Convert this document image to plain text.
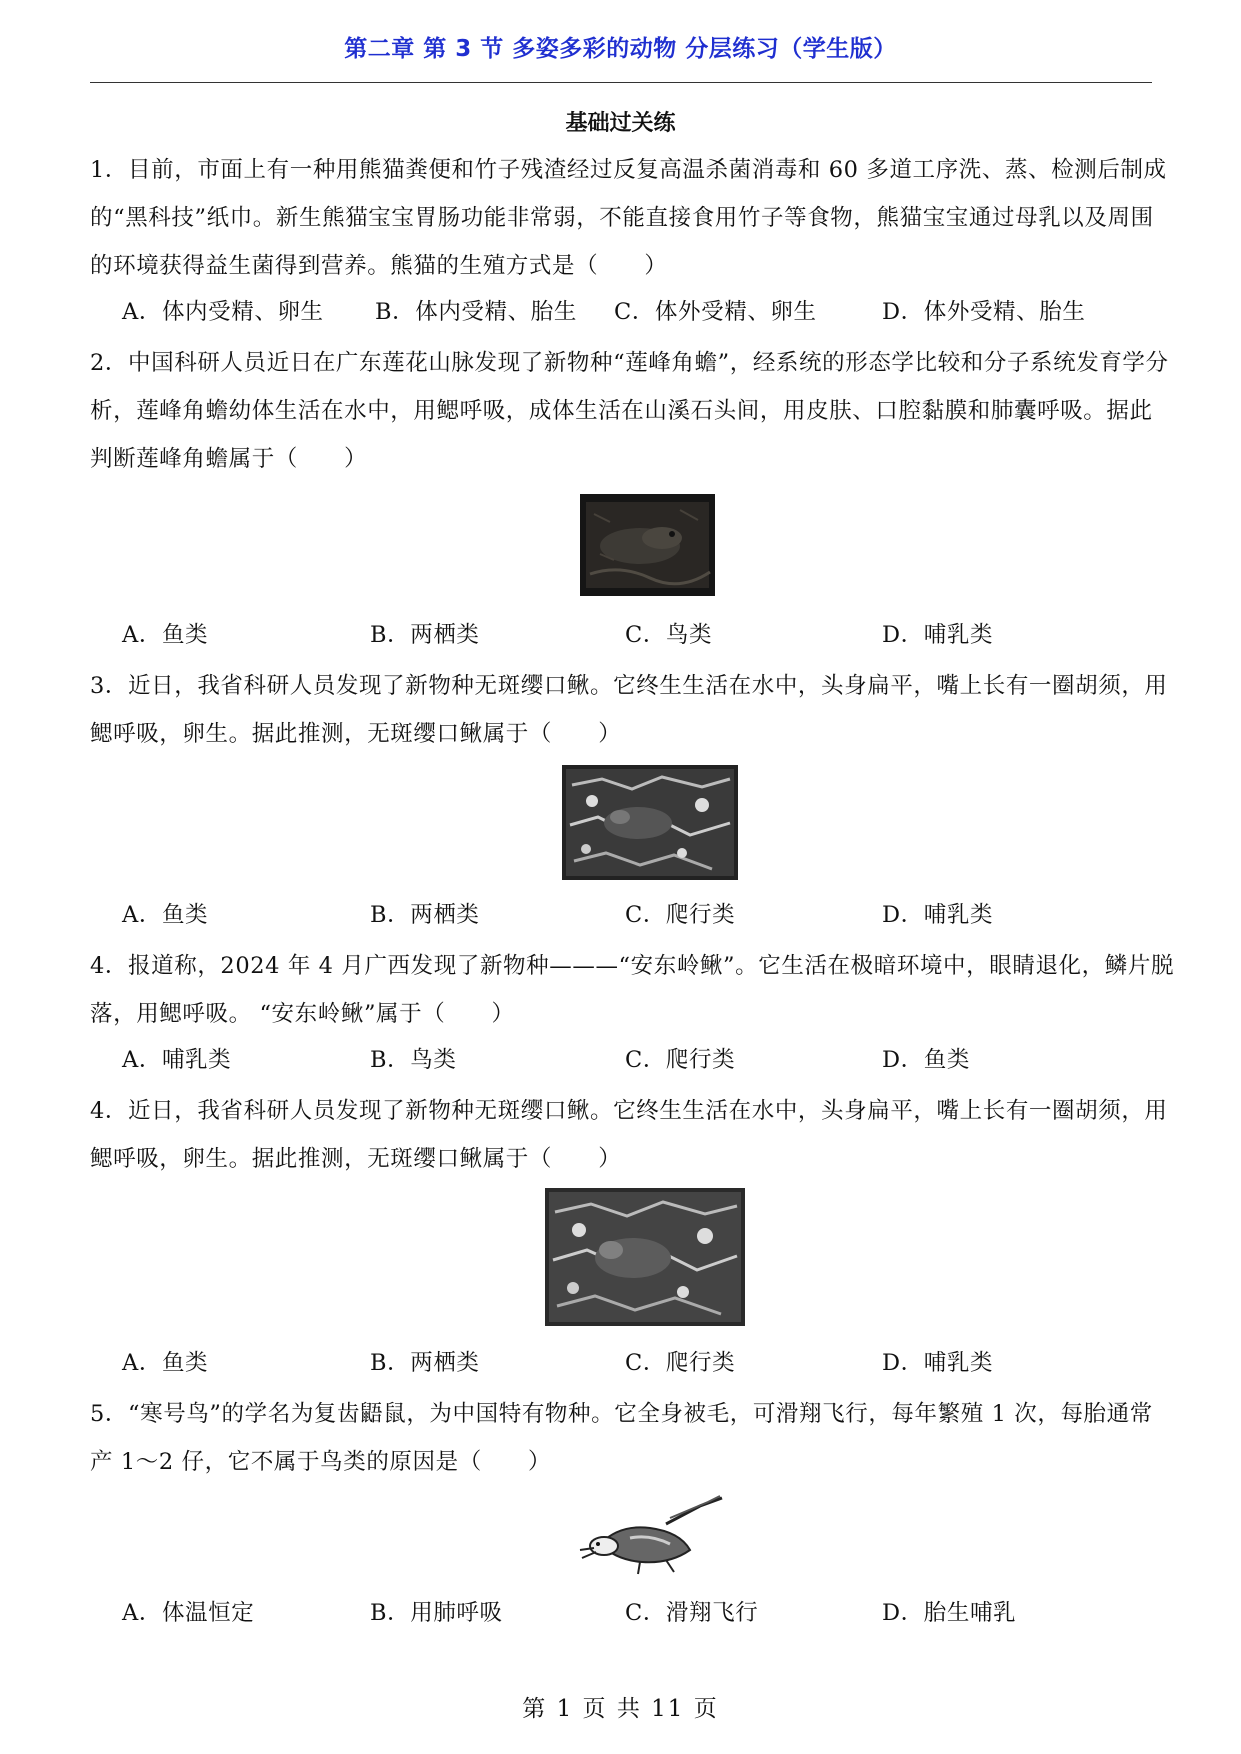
第二章 第 3 节 多姿多彩的动物 分层练习（学生版）
基础过关练

1．目前，市面上有一种用熊猫粪便和竹子残渣经过反复高温杀菌消毒和 60 多道工序洗、蒸、检测后制成的“黑科技”纸巾。新生熊猫宝宝胃肠功能非常弱，不能直接食用竹子等食物，熊猫宝宝通过母乳以及周围的环境获得益生菌得到营养。熊猫的生殖方式是（　　）

A．体内受精、卵生 B．体内受精、胎生 C．体外受精、卵生	D．体外受精、胎生

2．中国科研人员近日在广东莲花山脉发现了新物种“莲峰角蟾”，经系统的形态学比较和分子系统发育学分析，莲峰角蟾幼体生活在水中，用鳃呼吸，成体生活在山溪石头间，用皮肤、口腔黏膜和肺囊呼吸。据此判断莲峰角蟾属于（　　）

A．鱼类	B．两栖类	C．鸟类	D．哺乳类

3．近日，我省科研人员发现了新物种无斑缨口鳅。它终生生活在水中，头身扁平，嘴上长有一圈胡须，用鳃呼吸，卵生。据此推测，无斑缨口鳅属于（　　）

A．鱼类	B．两栖类	C．爬行类	D．哺乳类

4．报道称，2024 年 4 月广西发现了新物种———“安东岭鳅”。它生活在极暗环境中，眼睛退化，鳞片脱落，用鳃呼吸。 “安东岭鳅”属于（　　）

A．哺乳类	B．鸟类	C．爬行类	D．鱼类

4．近日，我省科研人员发现了新物种无斑缨口鳅。它终生生活在水中，头身扁平，嘴上长有一圈胡须，用鳃呼吸，卵生。据此推测，无斑缨口鳅属于（　　）

A．鱼类	B．两栖类	C．爬行类	D．哺乳类

5．“寒号鸟”的学名为复齿鼯鼠，为中国特有物种。它全身被毛，可滑翔飞行，每年繁殖 1 次，每胎通常产 1～2 仔，它不属于鸟类的原因是（　　）

A．体温恒定	B．用肺呼吸	C．滑翔飞行	D．胎生哺乳
第 1 页 共 11 页
